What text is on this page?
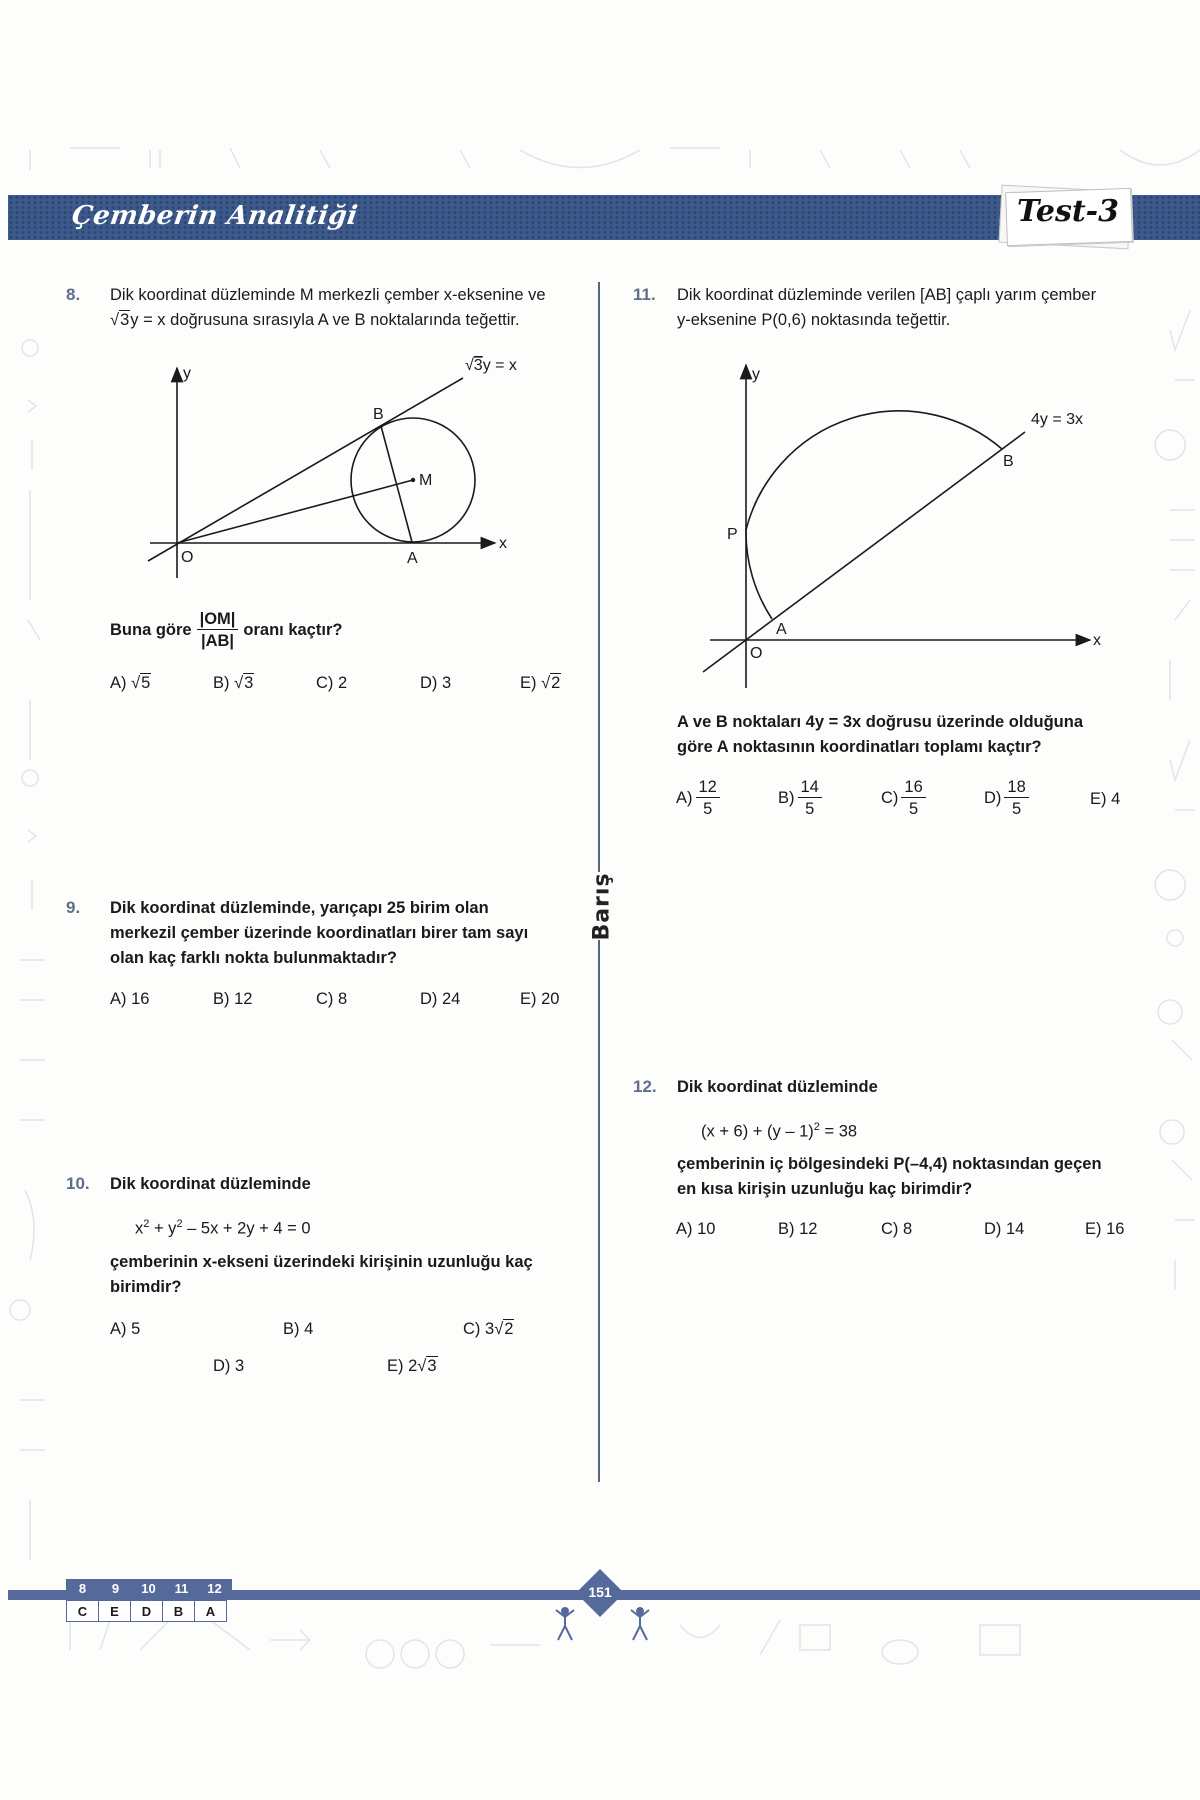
Çemberin Analitiği	Test-3
Barış
8. Dik koordinat düzleminde M merkezli çember x-eksenine ve
√3y = x doğrusuna sırasıyla A ve B noktalarında teğettir.
y
x
O	A
B
M
√3y = x
Buna göre $\frac{|OM|}{|AB|}$ oranı kaçtır?
A) √5	B) √3	C) 2	D) 3	E) √2
9. Dik koordinat düzleminde, yarıçapı 25 birim olan
merkezil çember üzerinde koordinatları birer tam sayı
olan kaç farklı nokta bulunmaktadır?
A) 16	B) 12	C) 8	D) 24	E) 20
10. Dik koordinat düzleminde
$x^2 + y^2 - 5x + 2y + 4 = 0$
çemberinin x-ekseni üzerindeki kirişinin uzunluğu kaç
birimdir?
A) 5	B) 4	C) 3√2
D) 3	E) 2√3
11. Dik koordinat düzleminde verilen [AB] çaplı yarım çember
y-eksenine P(0,6) noktasında teğettir.
y
x
O
A
B
P
4y = 3x
A ve B noktaları 4y = 3x doğrusu üzerinde olduğuna
göre A noktasının koordinatları toplamı kaçtır?
$A) \frac{12}{5}$	$B) \frac{14}{5}$	$C) \frac{16}{5}$	$D) \frac{18}{5}$	E) 4
12. Dik koordinat düzleminde
(x + 6) + (y – 1)$^2$ = 38
çemberinin iç bölgesindeki P(–4,4) noktasından geçen
en kısa kirişin uzunluğu kaç birimdir?
A) 10	B) 12	C) 8	D) 14	E) 16
8	9	10	11	12
C	E	D	B	A
151
